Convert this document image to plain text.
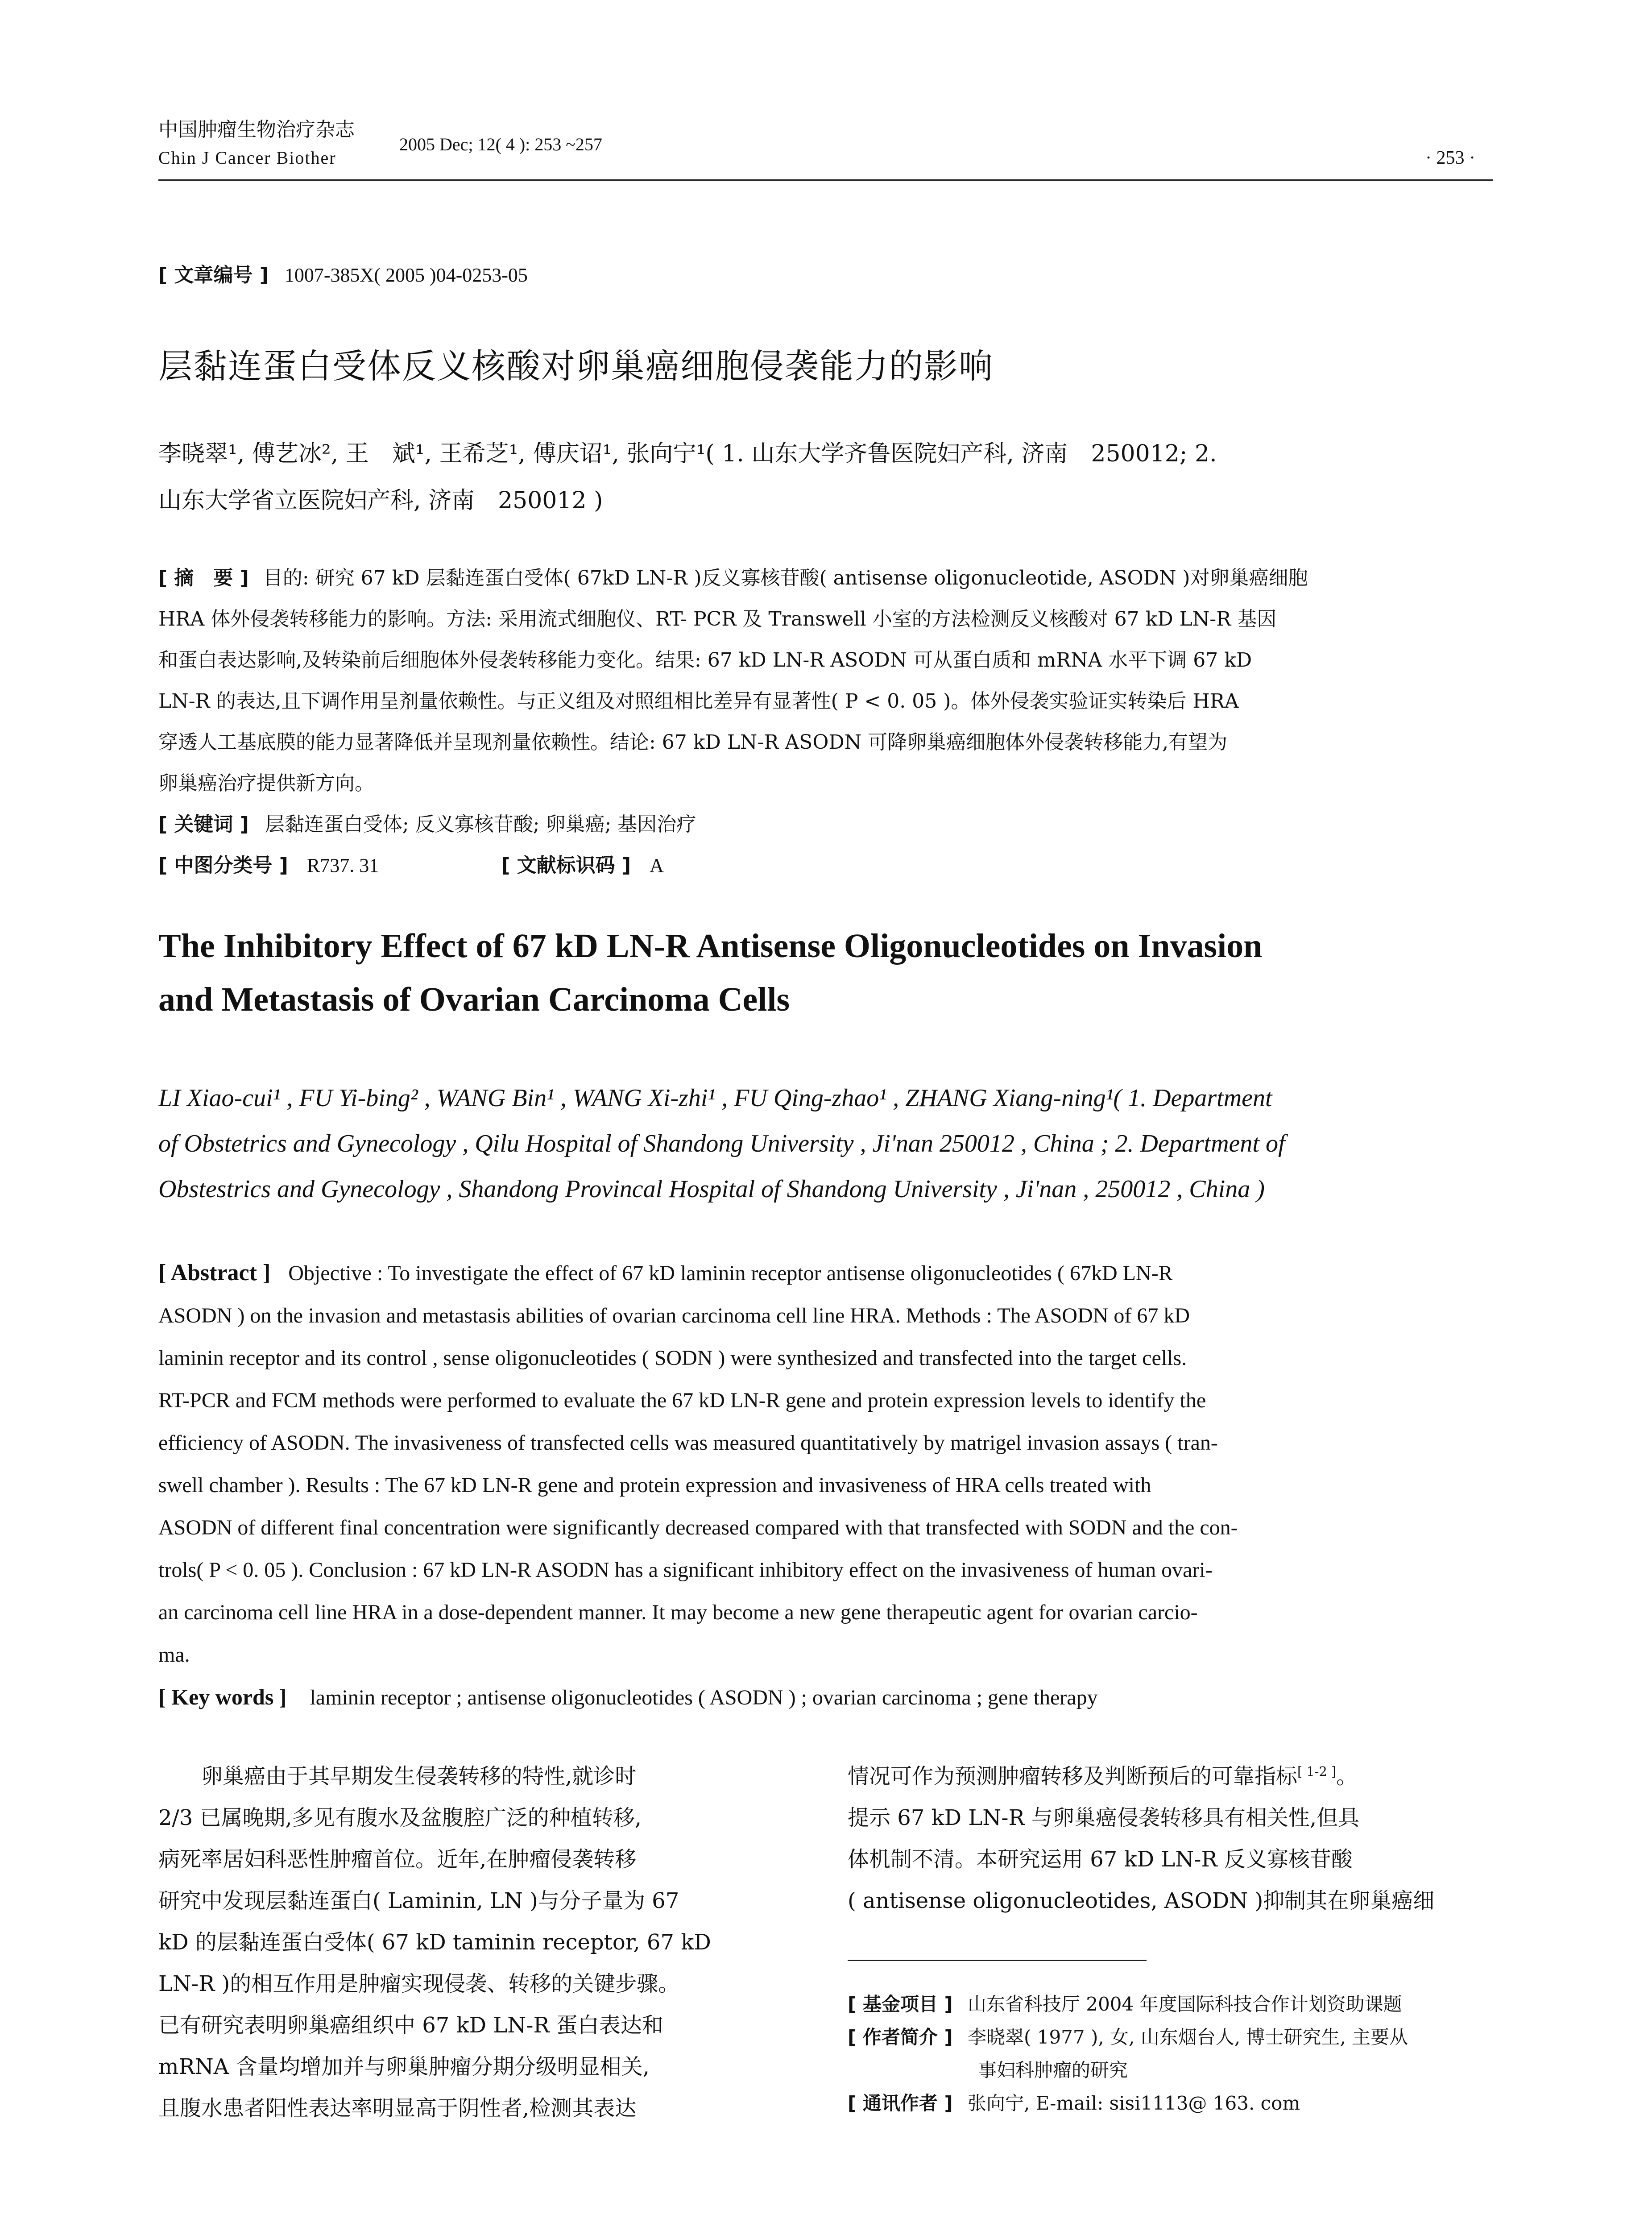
中国肿瘤生物治疗杂志
Chin J Cancer Biother
2005 Dec; 12( 4 ): 253 ~257
· 253 ·
[ 文章编号 ] 1007-385X( 2005 )04-0253-05
层黏连蛋白受体反义核酸对卵巢癌细胞侵袭能力的影响
李晓翠¹, 傅艺冰², 王　斌¹, 王希芝¹, 傅庆诏¹, 张向宁¹( 1. 山东大学齐鲁医院妇产科, 济南　250012; 2.
山东大学省立医院妇产科, 济南　250012 )
[ 摘　要 ] 目的: 研究 67 kD 层黏连蛋白受体( 67kD LN-R )反义寡核苷酸( antisense oligonucleotide, ASODN )对卵巢癌细胞
HRA 体外侵袭转移能力的影响。方法: 采用流式细胞仪、RT- PCR 及 Transwell 小室的方法检测反义核酸对 67 kD LN-R 基因
和蛋白表达影响,及转染前后细胞体外侵袭转移能力变化。结果: 67 kD LN-R ASODN 可从蛋白质和 mRNA 水平下调 67 kD
LN-R 的表达,且下调作用呈剂量依赖性。与正义组及对照组相比差异有显著性( P < 0. 05 )。体外侵袭实验证实转染后 HRA
穿透人工基底膜的能力显著降低并呈现剂量依赖性。结论: 67 kD LN-R ASODN 可降卵巢癌细胞体外侵袭转移能力,有望为
卵巢癌治疗提供新方向。
[ 关键词 ] 层黏连蛋白受体; 反义寡核苷酸; 卵巢癌; 基因治疗
[ 中图分类号 ] R737. 31	[ 文献标识码 ] A
The Inhibitory Effect of 67 kD LN-R Antisense Oligonucleotides on Invasion
and Metastasis of Ovarian Carcinoma Cells
LI Xiao-cui¹ , FU Yi-bing² , WANG Bin¹ , WANG Xi-zhi¹ , FU Qing-zhao¹ , ZHANG Xiang-ning¹( 1. Department
of Obstetrics and Gynecology , Qilu Hospital of Shandong University , Ji'nan 250012 , China ; 2. Department of
Obstestrics and Gynecology , Shandong Provincal Hospital of Shandong University , Ji'nan , 250012 , China )
[ Abstract ] Objective : To investigate the effect of 67 kD laminin receptor antisense oligonucleotides ( 67kD LN-R
ASODN ) on the invasion and metastasis abilities of ovarian carcinoma cell line HRA. Methods : The ASODN of 67 kD
laminin receptor and its control , sense oligonucleotides ( SODN ) were synthesized and transfected into the target cells.
RT-PCR and FCM methods were performed to evaluate the 67 kD LN-R gene and protein expression levels to identify the
efficiency of ASODN. The invasiveness of transfected cells was measured quantitatively by matrigel invasion assays ( tran-
swell chamber ). Results : The 67 kD LN-R gene and protein expression and invasiveness of HRA cells treated with
ASODN of different final concentration were significantly decreased compared with that transfected with SODN and the con-
trols( P < 0. 05 ). Conclusion : 67 kD LN-R ASODN has a significant inhibitory effect on the invasiveness of human ovari-
an carcinoma cell line HRA in a dose-dependent manner. It may become a new gene therapeutic agent for ovarian carcio-
ma.
[ Key words ] laminin receptor ; antisense oligonucleotides ( ASODN ) ; ovarian carcinoma ; gene therapy
卵巢癌由于其早期发生侵袭转移的特性,就诊时
2/3 已属晚期,多见有腹水及盆腹腔广泛的种植转移,
病死率居妇科恶性肿瘤首位。近年,在肿瘤侵袭转移
研究中发现层黏连蛋白( Laminin, LN )与分子量为 67
kD 的层黏连蛋白受体( 67 kD taminin receptor, 67 kD
LN-R )的相互作用是肿瘤实现侵袭、转移的关键步骤。
已有研究表明卵巢癌组织中 67 kD LN-R 蛋白表达和
mRNA 含量均增加并与卵巢肿瘤分期分级明显相关,
且腹水患者阳性表达率明显高于阴性者,检测其表达
情况可作为预测肿瘤转移及判断预后的可靠指标[ 1-2 ]。
提示 67 kD LN-R 与卵巢癌侵袭转移具有相关性,但具
体机制不清。本研究运用 67 kD LN-R 反义寡核苷酸
( antisense oligonucleotides, ASODN )抑制其在卵巢癌细
[ 基金项目 ] 山东省科技厅 2004 年度国际科技合作计划资助课题
[ 作者简介 ] 李晓翠( 1977 ), 女, 山东烟台人, 博士研究生, 主要从
事妇科肿瘤的研究
[ 通讯作者 ] 张向宁, E-mail: sisi1113@ 163. com
